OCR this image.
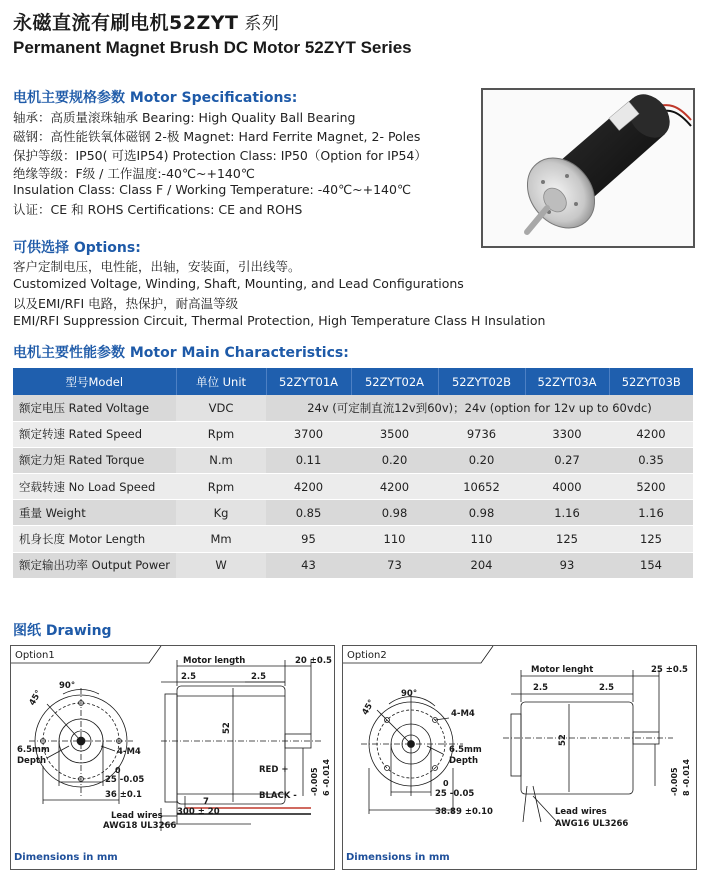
永磁直流有刷电机52ZYT 系列
Permanent Magnet Brush DC Motor 52ZYT Series
电机主要规格参数 Motor Specifications:
轴承：高质量滚珠轴承 Bearing: High Quality Ball Bearing
磁钢：高性能铁氧体磁钢 2-极 Magnet: Hard Ferrite Magnet, 2- Poles
保护等级：IP50( 可选IP54) Protection Class: IP50（Option for IP54）
绝缘等级：F级 / 工作温度:-40℃~+140℃
Insulation Class: Class F / Working Temperature: -40℃~+140℃
认证：CE 和 ROHS Certifications: CE and ROHS
可供选择 Options:
客户定制电压，电性能，出轴，安装面，引出线等。
Customized Voltage, Winding, Shaft, Mounting, and Lead Configurations
以及EMI/RFI 电路，热保护，耐高温等级
EMI/RFI Suppression Circuit, Thermal Protection, High Temperature Class H Insulation
电机主要性能参数 Motor Main Characteristics:
型号Model	单位 Unit	52ZYT01A	52ZYT02A	52ZYT02B	52ZYT03A	52ZYT03B
额定电压 Rated Voltage	VDC	24v (可定制直流12v到60v)；24v (option for 12v up to 60vdc)				
额定转速 Rated Speed	Rpm	3700	3500	9736	3300	4200
额定力矩 Rated Torque	N.m	0.11	0.20	0.20	0.27	0.35
空载转速 No Load Speed	Rpm	4200	4200	10652	4000	5200
重量 Weight	Kg	0.85	0.98	0.98	1.16	1.16
机身长度 Motor Length	Mm	95	110	110	125	125
额定输出功率 Output Power	W	43	73	204	93	154
图纸 Drawing
Option1	Motor length	20 ±0.5
2.5	2.5
90°
45°
6.5mm
Depth
4-M4
0
25 -0.05
36 ±0.1
52
-0.005 6 -0.014
RED +
BLACK -
7
300 ± 20
Lead wires
AWG18 UL3266
Dimensions in mm
Option2
Motor lenght	25 ±0.5
2.5	2.5
90°
45°	4-M4
6.5mm
Depth
0
25 -0.05
38.89 ±0.10
52
-0.005 8 -0.014
Lead wires
AWG16 UL3266
Dimensions in mm
